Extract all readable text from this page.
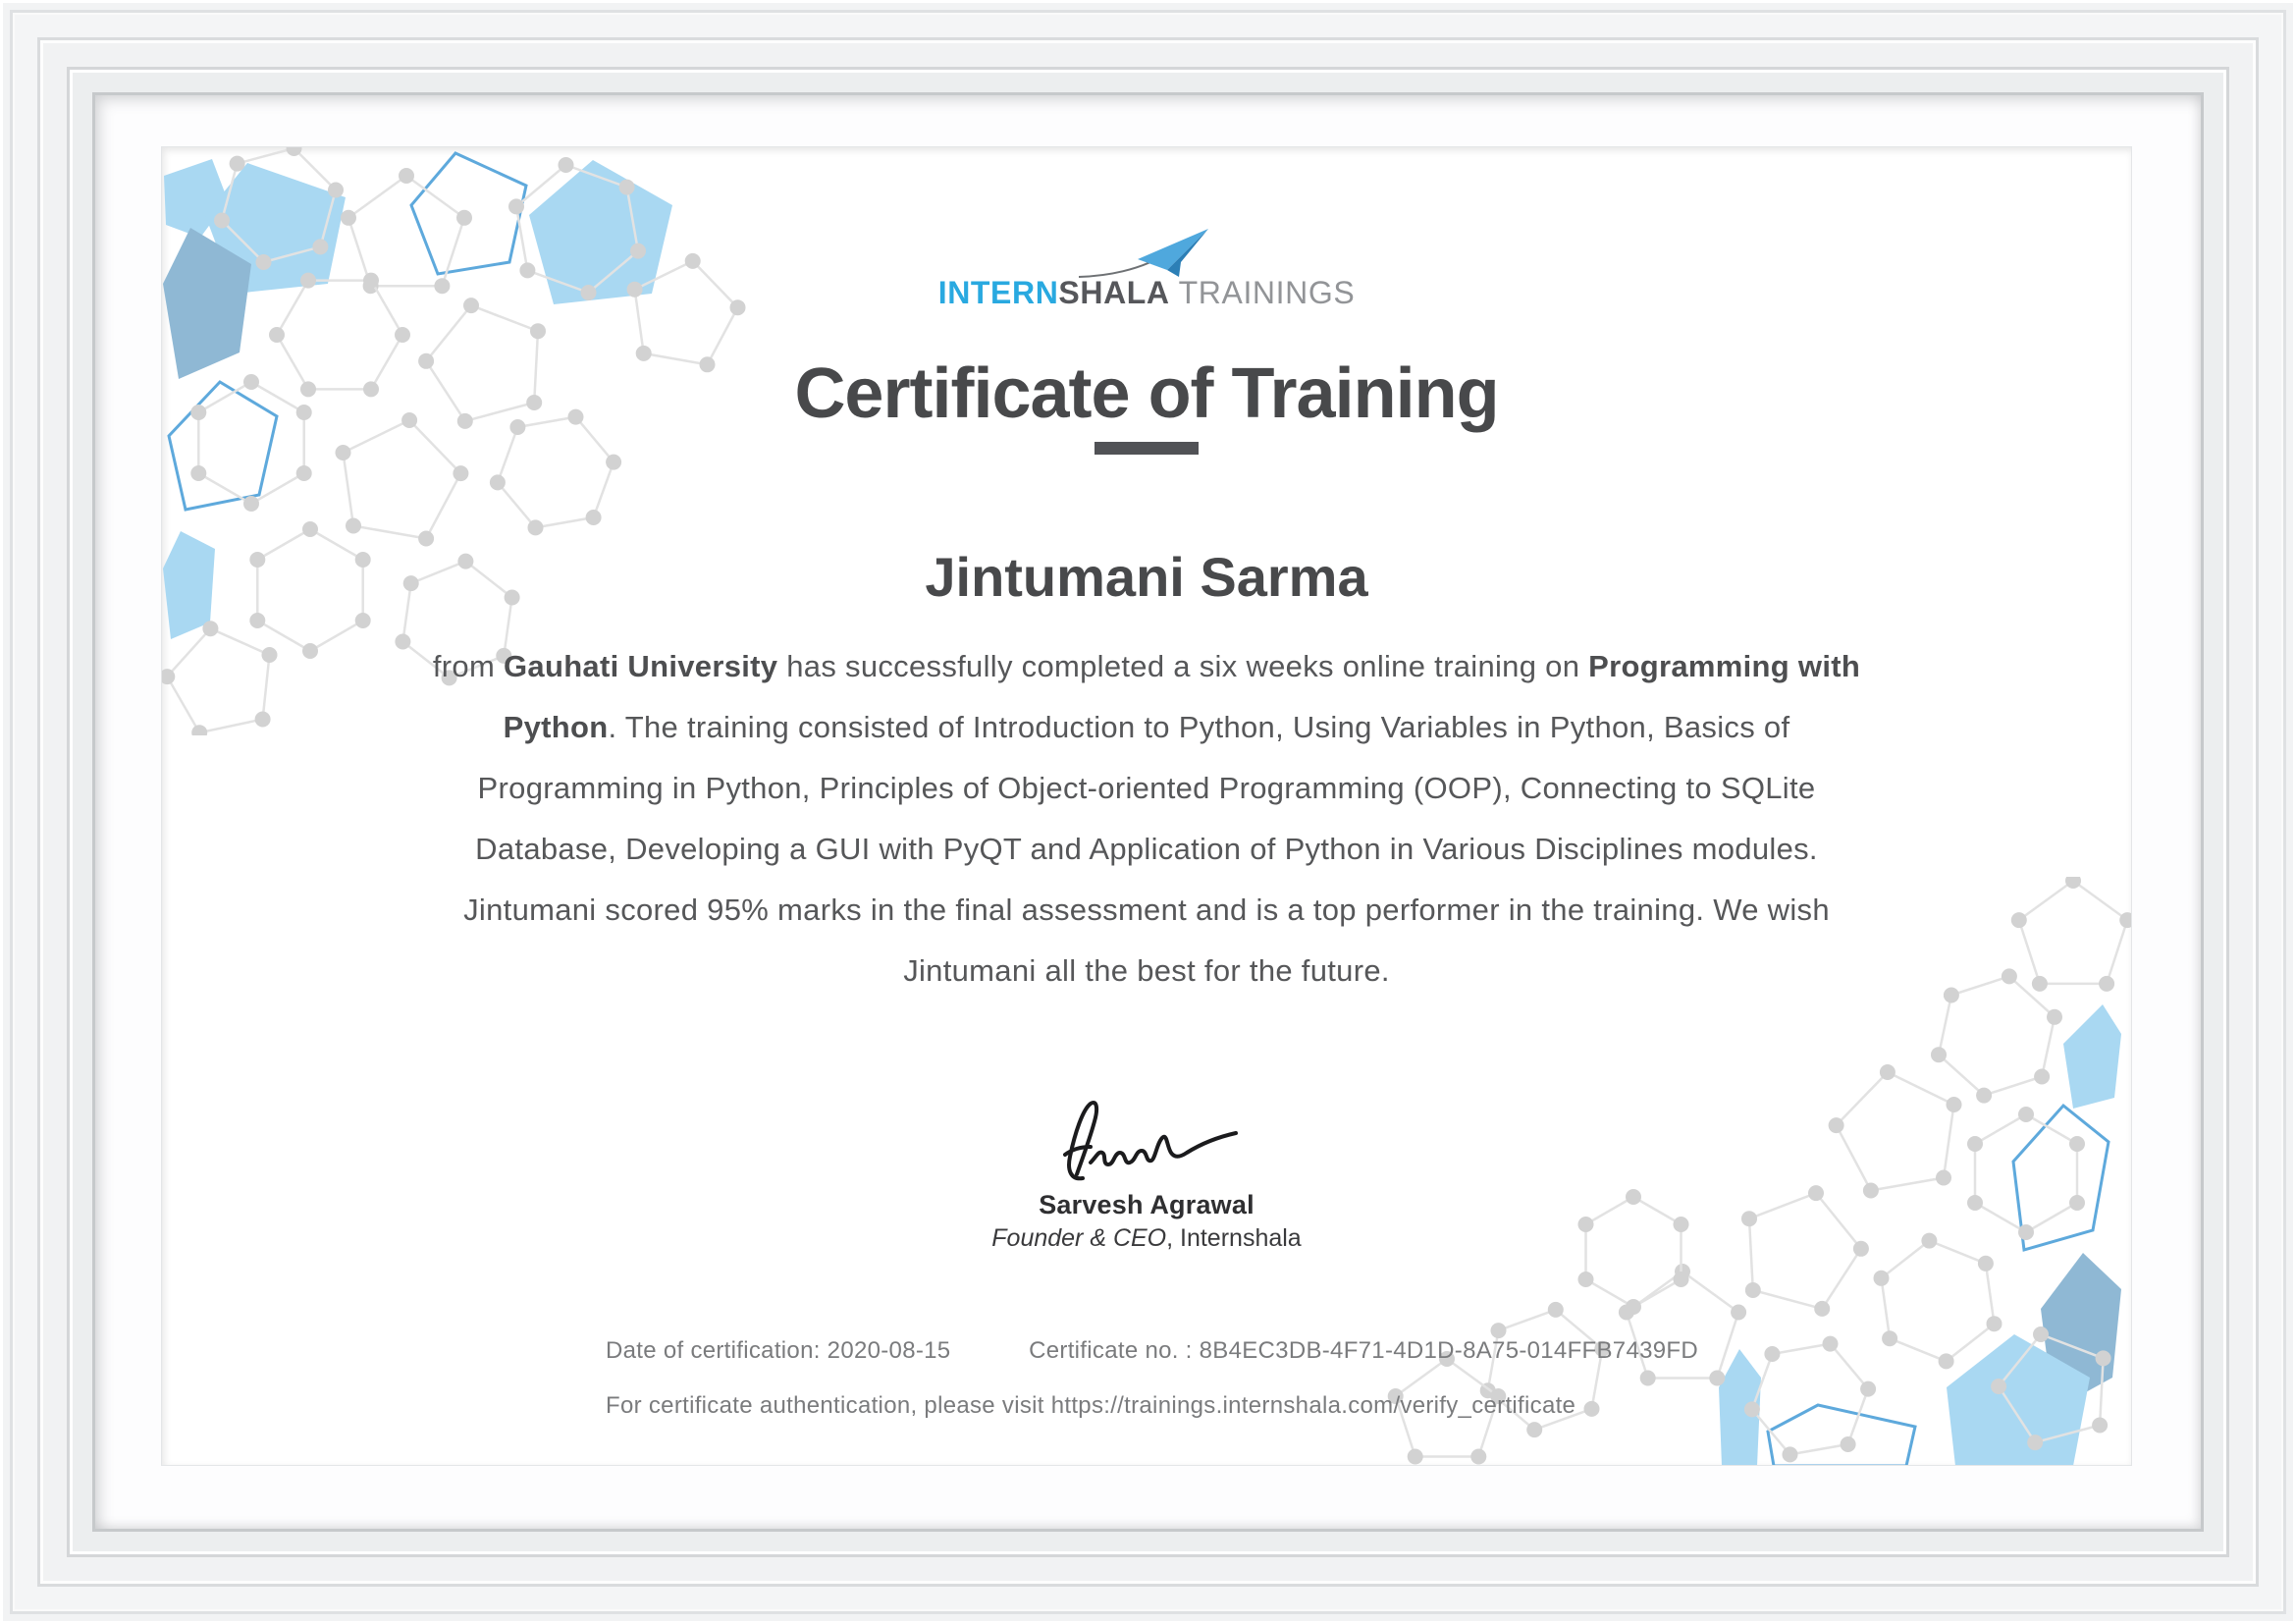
INTERNSHALA TRAININGS
Certificate of Training
Jintumani Sarma
from Gauhati University has successfully completed a six weeks online training on Programming with
Python. The training consisted of Introduction to Python, Using Variables in Python, Basics of
Programming in Python, Principles of Object-oriented Programming (OOP), Connecting to SQLite
Database, Developing a GUI with PyQT and Application of Python in Various Disciplines modules.
Jintumani scored 95% marks in the final assessment and is a top performer in the training. We wish
Jintumani all the best for the future.
Sarvesh Agrawal
Founder & CEO, Internshala
Date of certification: 2020-08-15	Certificate no. : 8B4EC3DB-4F71-4D1D-8A75-014FFB7439FD
For certificate authentication, please visit https://trainings.internshala.com/verify_certificate
